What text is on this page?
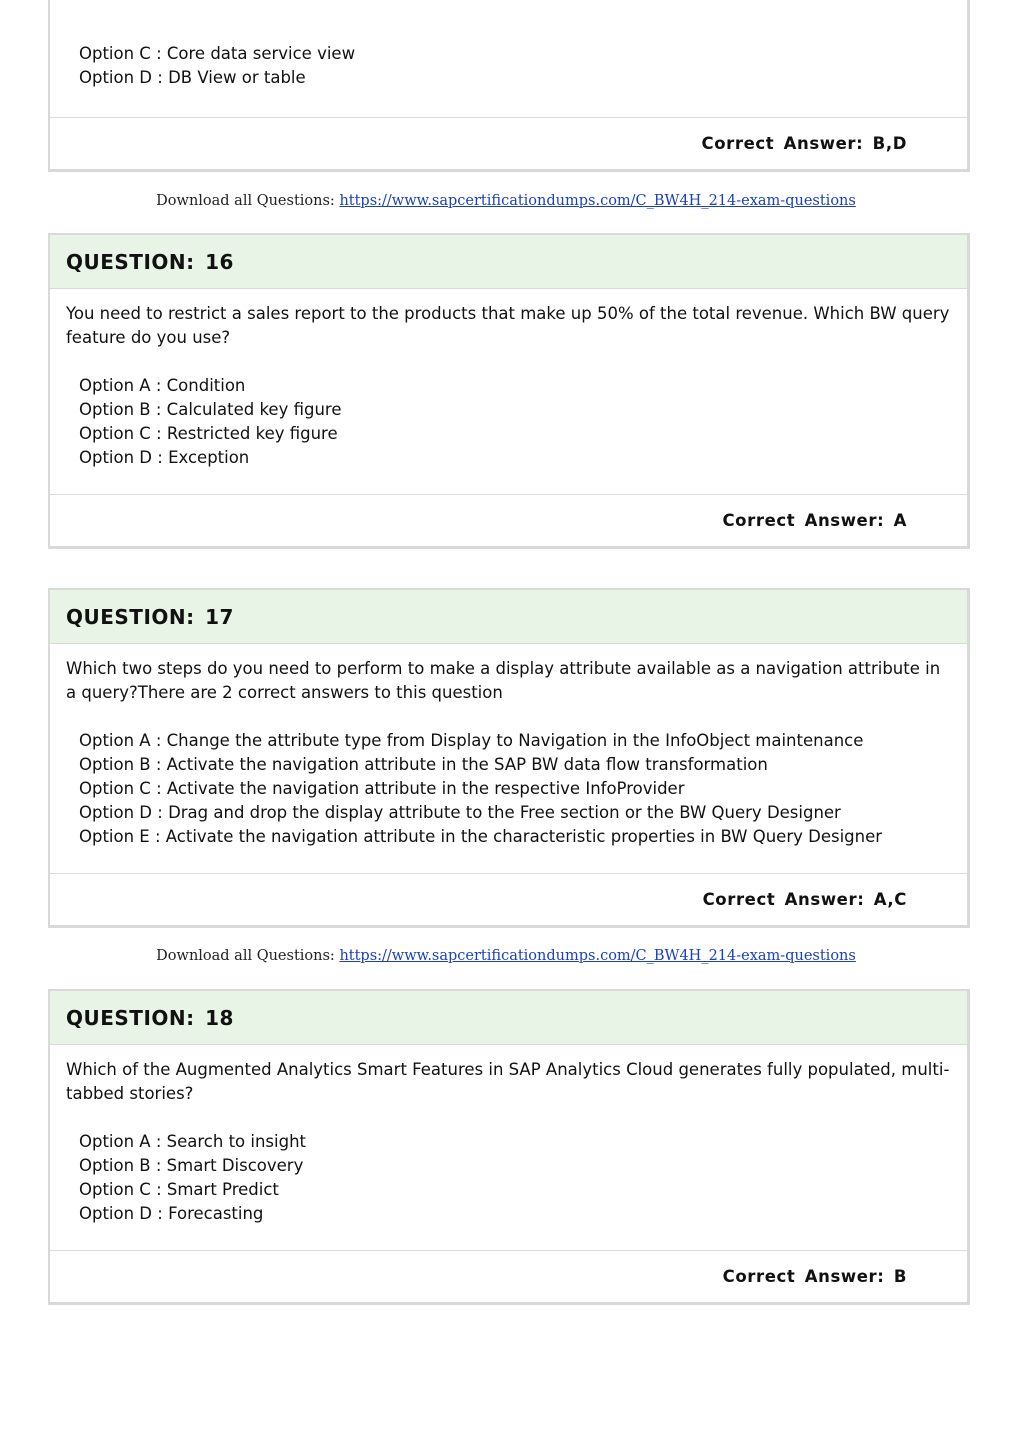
Option C : Core data service view
Option D : DB View or table
Correct Answer: B,D
Download all Questions: https://www.sapcertificationdumps.com/C_BW4H_214-exam-questions
QUESTION: 16

You need to restrict a sales report to the products that make up 50% of the total revenue. Which BW query feature do you use?

Option A : Condition
Option B : Calculated key figure
Option C : Restricted key figure
Option D : Exception
Correct Answer: A
QUESTION: 17

Which two steps do you need to perform to make a display attribute available as a navigation attribute in a query?There are 2 correct answers to this question

Option A : Change the attribute type from Display to Navigation in the InfoObject maintenance
Option B : Activate the navigation attribute in the SAP BW data flow transformation
Option C : Activate the navigation attribute in the respective InfoProvider
Option D : Drag and drop the display attribute to the Free section or the BW Query Designer
Option E : Activate the navigation attribute in the characteristic properties in BW Query Designer
Correct Answer: A,C
Download all Questions: https://www.sapcertificationdumps.com/C_BW4H_214-exam-questions
QUESTION: 18

Which of the Augmented Analytics Smart Features in SAP Analytics Cloud generates fully populated, multi-tabbed stories?

Option A : Search to insight
Option B : Smart Discovery
Option C : Smart Predict
Option D : Forecasting
Correct Answer: B
